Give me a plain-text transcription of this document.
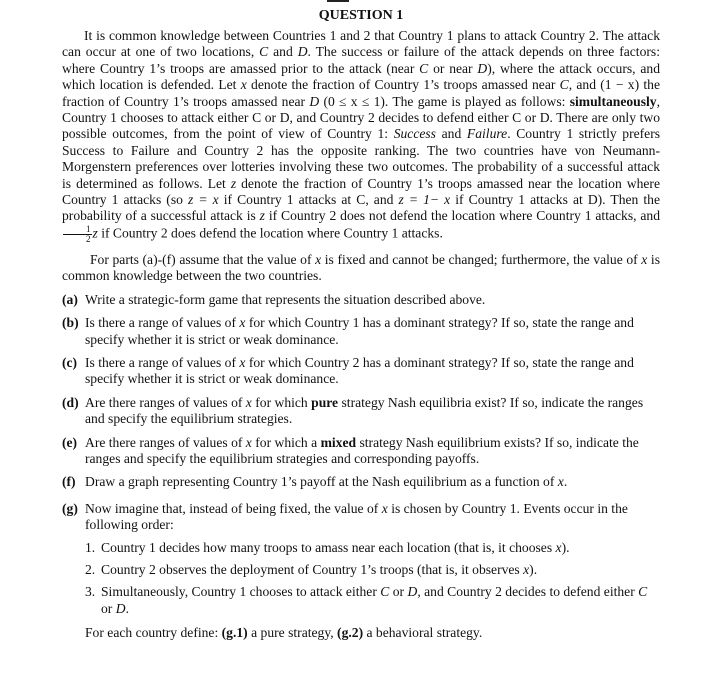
QUESTION 1

It is common knowledge between Countries 1 and 2 that Country 1 plans to attack Country 2. The attack can occur at one of two locations, C and D. The success or failure of the attack depends on three factors: where Country 1’s troops are amassed prior to the attack (near C or near D), where the attack occurs, and which location is defended. Let x denote the fraction of Country 1’s troops amassed near C, and (1 − x) the fraction of Country 1’s troops amassed near D (0 ≤ x ≤ 1). The game is played as follows: simultaneously, Country 1 chooses to attack either C or D, and Country 2 decides to defend either C or D. There are only two possible outcomes, from the point of view of Country 1: Success and Failure. Country 1 strictly prefers Success to Failure and Country 2 has the opposite ranking. The two countries have von Neumann-Morgenstern preferences over lotteries involving these two outcomes. The probability of a successful attack is determined as follows. Let z denote the fraction of Country 1’s troops amassed near the location where Country 1 attacks (so z = x if Country 1 attacks at C, and z = 1− x if Country 1 attacks at D). Then the probability of a successful attack is z if Country 2 does not defend the location where Country 1 attacks, and
$\frac{1}{2}$ z if Country 2 does defend the location where Country 1 attacks.

For parts (a)-(f) assume that the value of x is fixed and cannot be changed; furthermore, the value of x is common knowledge between the two countries.

(a) Write a strategic-form game that represents the situation described above.
(b) Is there a range of values of x for which Country 1 has a dominant strategy? If so, state the range and specify whether it is strict or weak dominance.
(c) Is there a range of values of x for which Country 2 has a dominant strategy? If so, state the range and specify whether it is strict or weak dominance.
(d) Are there ranges of values of x for which pure strategy Nash equilibria exist? If so, indicate the ranges and specify the equilibrium strategies.
(e) Are there ranges of values of x for which a mixed strategy Nash equilibrium exists? If so, indicate the ranges and specify the equilibrium strategies and corresponding payoffs.
(f) Draw a graph representing Country 1’s payoff at the Nash equilibrium as a function of x.
(g) Now imagine that, instead of being fixed, the value of x is chosen by Country 1. Events occur in the following order:
1. Country 1 decides how many troops to amass near each location (that is, it chooses x).
2. Country 2 observes the deployment of Country 1’s troops (that is, it observes x).
3. Simultaneously, Country 1 chooses to attack either C or D, and Country 2 decides to defend either C or D.

For each country define: (g.1) a pure strategy, (g.2) a behavioral strategy.
